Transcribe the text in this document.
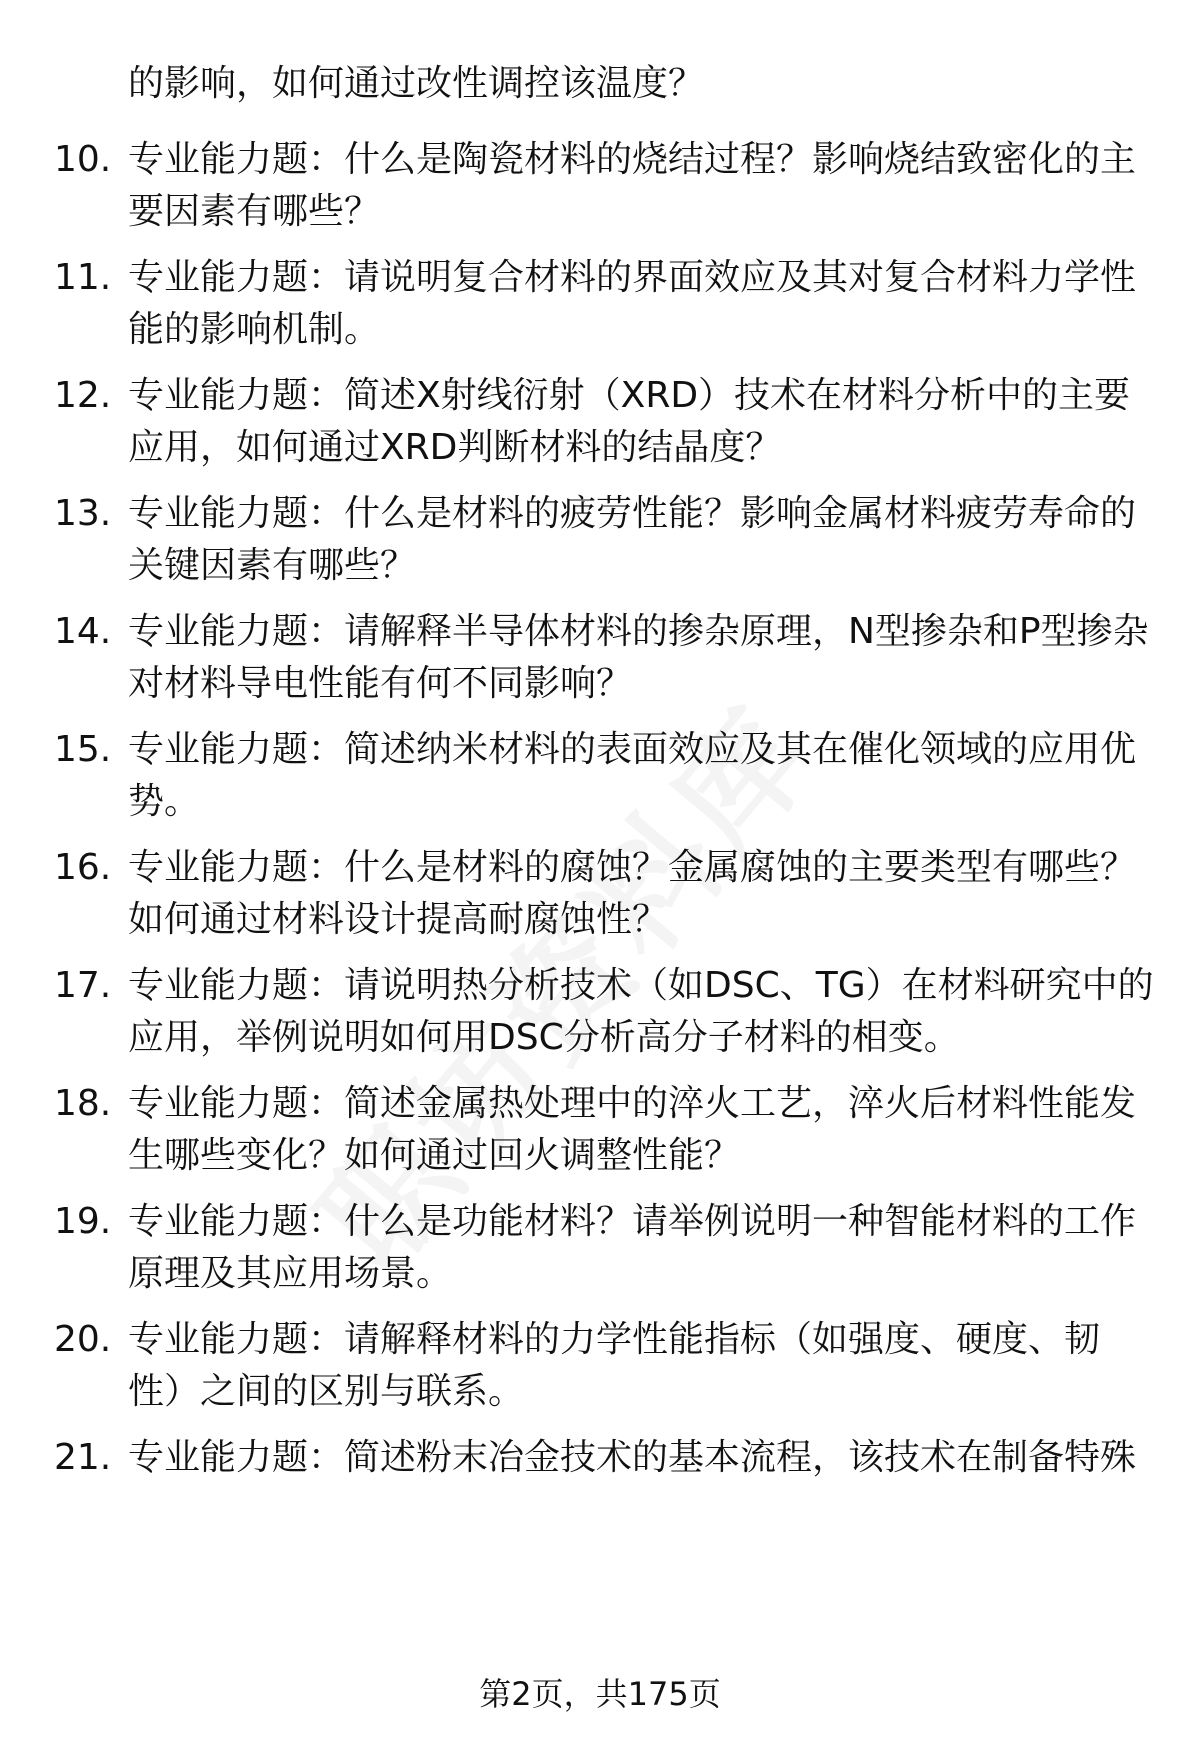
的影响，如何通过改性调控该温度？
10. 专业能力题：什么是陶瓷材料的烧结过程？影响烧结致密化的主
要因素有哪些？
11. 专业能力题：请说明复合材料的界面效应及其对复合材料力学性
能的影响机制。
12. 专业能力题：简述X射线衍射（XRD）技术在材料分析中的主要
应用，如何通过XRD判断材料的结晶度？
13. 专业能力题：什么是材料的疲劳性能？影响金属材料疲劳寿命的
关键因素有哪些？
14. 专业能力题：请解释半导体材料的掺杂原理，N型掺杂和P型掺杂
对材料导电性能有何不同影响？
15. 专业能力题：简述纳米材料的表面效应及其在催化领域的应用优
势。
16. 专业能力题：什么是材料的腐蚀？金属腐蚀的主要类型有哪些？
如何通过材料设计提高耐腐蚀性？
17. 专业能力题：请说明热分析技术（如DSC、TG）在材料研究中的
应用，举例说明如何用DSC分析高分子材料的相变。
18. 专业能力题：简述金属热处理中的淬火工艺，淬火后材料性能发
生哪些变化？如何通过回火调整性能？
19. 专业能力题：什么是功能材料？请举例说明一种智能材料的工作
原理及其应用场景。
20. 专业能力题：请解释材料的力学性能指标（如强度、硬度、韧
性）之间的区别与联系。
21. 专业能力题：简述粉末冶金技术的基本流程，该技术在制备特殊
第2页，共175页
